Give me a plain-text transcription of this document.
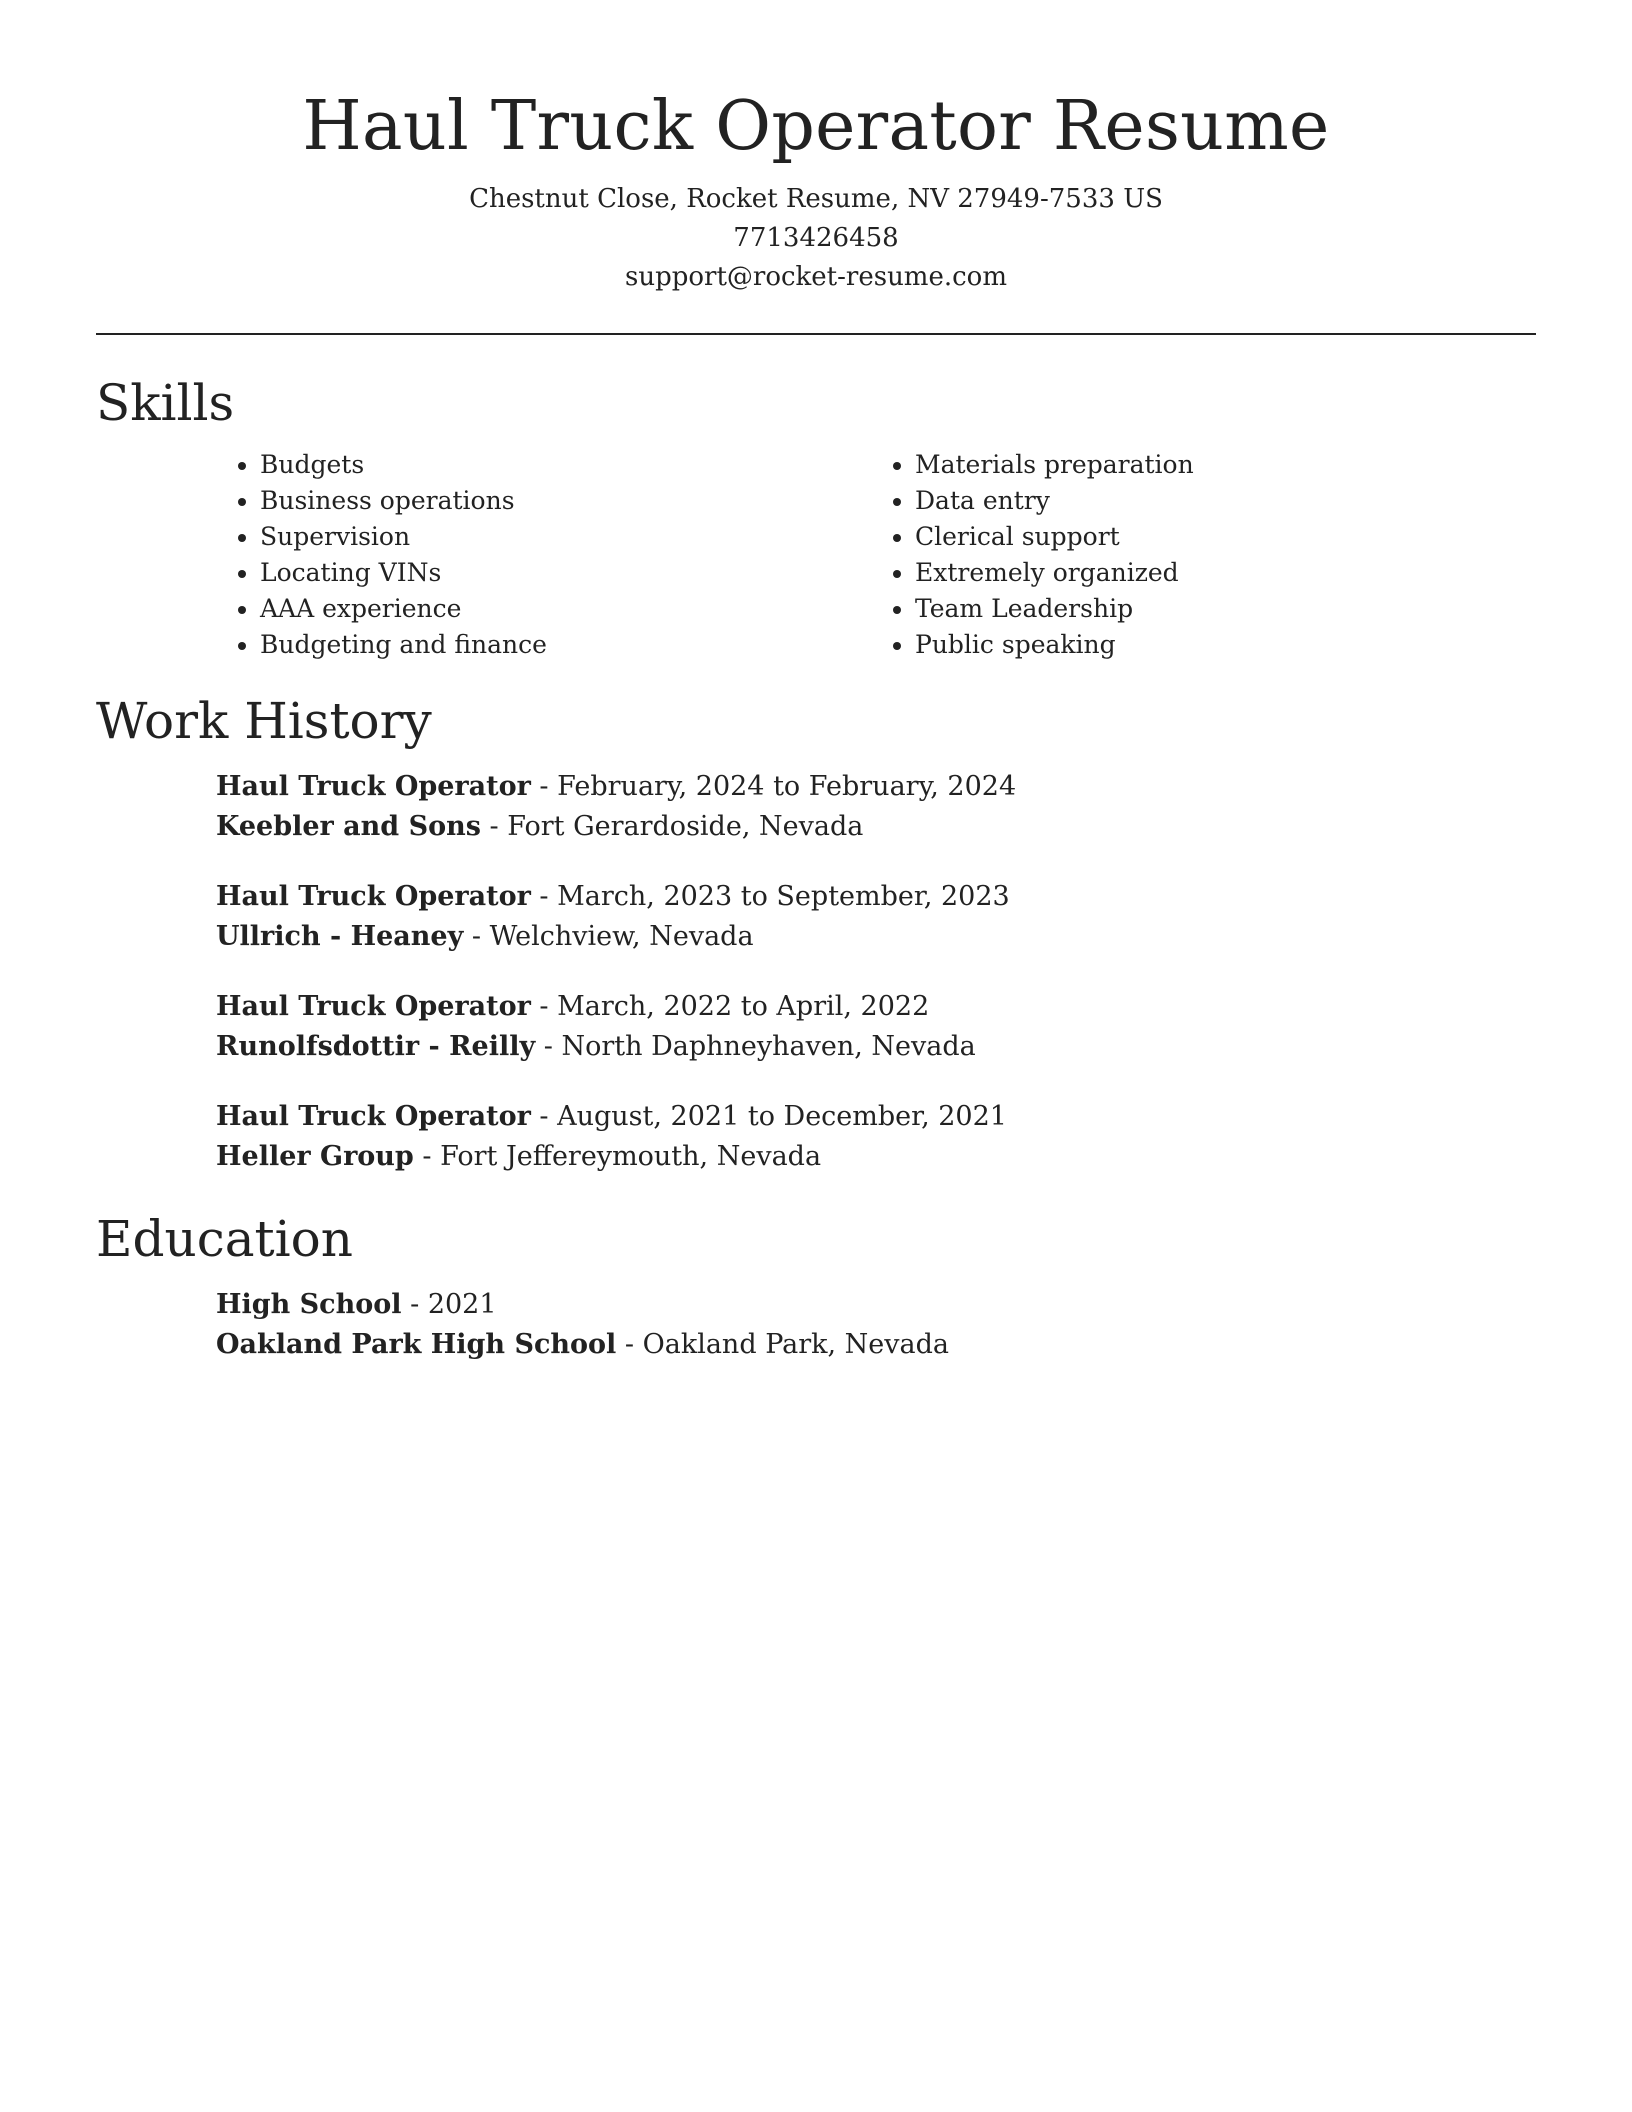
Haul Truck Operator Resume

Chestnut Close, Rocket Resume, NV 27949-7533 US

7713426458

support@rocket-resume.com

Skills
• Budgets
• Business operations
• Supervision
• Locating VINs
• AAA experience
• Budgeting and finance
• Materials preparation
• Data entry
• Clerical support
• Extremely organized
• Team Leadership
• Public speaking
Work History

Haul Truck Operator - February, 2024 to February, 2024

Keebler and Sons - Fort Gerardoside, Nevada

Haul Truck Operator - March, 2023 to September, 2023

Ullrich - Heaney - Welchview, Nevada

Haul Truck Operator - March, 2022 to April, 2022

Runolfsdottir - Reilly - North Daphneyhaven, Nevada

Haul Truck Operator - August, 2021 to December, 2021

Heller Group - Fort Jeffereymouth, Nevada

Education

High School - 2021

Oakland Park High School - Oakland Park, Nevada
